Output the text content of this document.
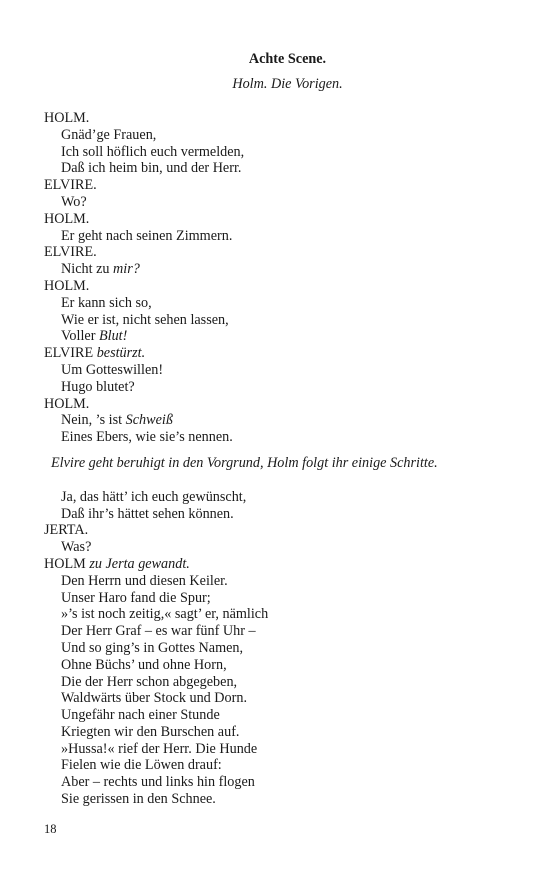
Achte Scene.
Holm. Die Vorigen.
HOLM.
Gnäd’ge Frauen,
Ich soll höflich euch vermelden,
Daß ich heim bin, und der Herr.
ELVIRE.
Wo?
HOLM.
Er geht nach seinen Zimmern.
ELVIRE.
Nicht zu mir?
HOLM.
Er kann sich so,
Wie er ist, nicht sehen lassen,
Voller Blut!
ELVIRE bestürzt.
Um Gotteswillen!
Hugo blutet?
HOLM.
Nein, ’s ist Schweiß
Eines Ebers, wie sie’s nennen.
Elvire geht beruhigt in den Vorgrund, Holm folgt ihr einige Schritte.
Ja, das hätt’ ich euch gewünscht,
Daß ihr’s hättet sehen können.
JERTA.
Was?
HOLM zu Jerta gewandt.
Den Herrn und diesen Keiler.
Unser Haro fand die Spur;
»’s ist noch zeitig,« sagt’ er, nämlich
Der Herr Graf – es war fünf Uhr –
Und so ging’s in Gottes Namen,
Ohne Büchs’ und ohne Horn,
Die der Herr schon abgegeben,
Waldwärts über Stock und Dorn.
Ungefähr nach einer Stunde
Kriegten wir den Burschen auf.
»Hussa!« rief der Herr. Die Hunde
Fielen wie die Löwen drauf:
Aber – rechts und links hin flogen
Sie gerissen in den Schnee.
18
